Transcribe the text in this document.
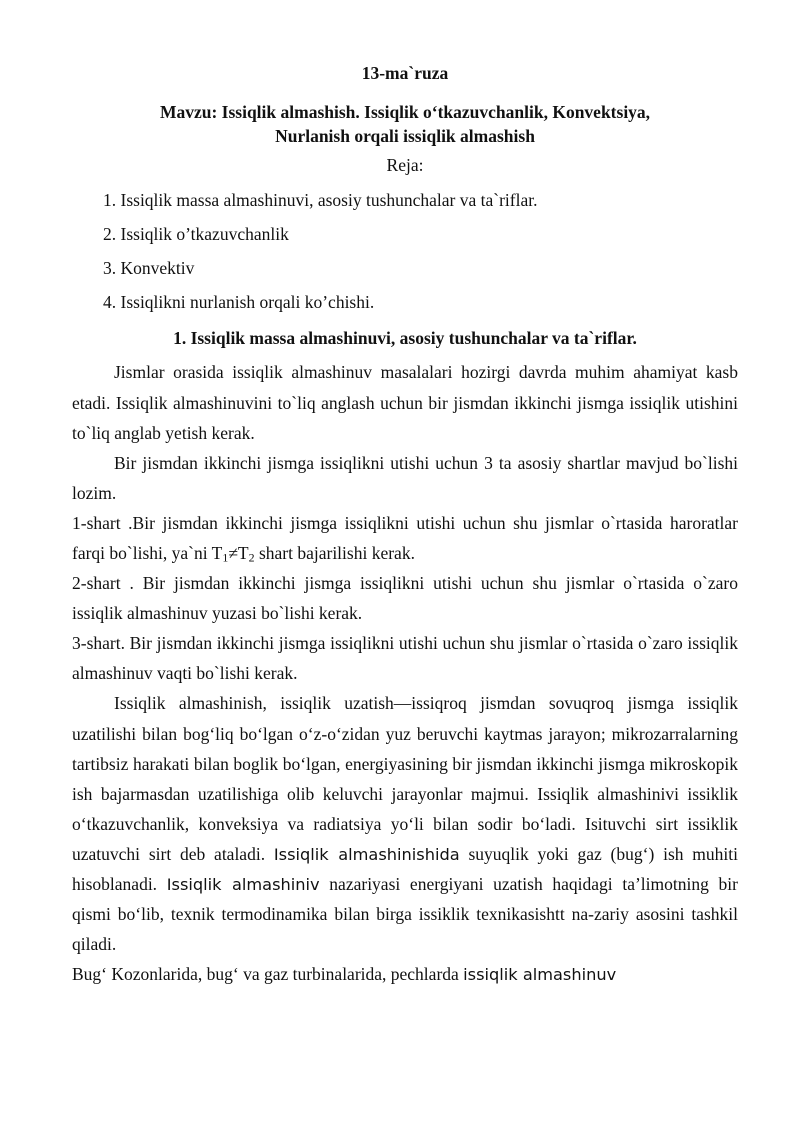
13-ma`ruza
Mavzu: Issiqlik almashish. Issiqlik o‘tkazuvchanlik, Konvektsiya,
Nurlanish orqali issiqlik almashish
Reja:
1. Issiqlik massa almashinuvi, asosiy tushunchalar va ta`riflar.
2. Issiqlik o’tkazuvchanlik
3. Konvektiv
4. Issiqlikni nurlanish orqali ko’chishi.
1. Issiqlik massa almashinuvi, asosiy tushunchalar va ta`riflar.

Jismlar orasida issiqlik almashinuv masalalari hozirgi davrda muhim ahamiyat kasb etadi. Issiqlik almashinuvini to`liq anglash uchun bir jismdan ikkinchi jismga issiqlik utishini to`liq anglab yetish kerak.

Bir jismdan ikkinchi jismga issiqlikni utishi uchun 3 ta asosiy shartlar mavjud bo`lishi lozim.

1-shart .Bir jismdan ikkinchi jismga issiqlikni utishi uchun shu jismlar o`rtasida haroratlar farqi bo`lishi, ya`ni $T_1\ne T_2$ shart bajarilishi kerak.

2-shart . Bir jismdan ikkinchi jismga issiqlikni utishi uchun shu jismlar o`rtasida o`zaro issiqlik almashinuv yuzasi bo`lishi kerak.

3-shart. Bir jismdan ikkinchi jismga issiqlikni utishi uchun shu jismlar o`rtasida o`zaro issiqlik almashinuv vaqti bo`lishi kerak.

Issiqlik almashinish, issiqlik uzatish—issiqroq jismdan sovuqroq jismga issiqlik uzatilishi bilan bog‘liq bo‘lgan o‘z-o‘zidan yuz beruvchi kaytmas jarayon; mikrozarralarning tartibsiz harakati bilan boglik bo‘lgan, energiyasining bir jismdan ikkinchi jismga mikroskopik ish bajarmasdan uzatilishiga olib keluvchi jarayonlar majmui. Issiqlik almashinivi issiklik o‘tkazuvchanlik, konveksiya va radiatsiya yo‘li bilan sodir bo‘ladi. Isituvchi sirt issiklik uzatuvchi sirt deb ataladi. Issiqlik almashinishida suyuqlik yoki gaz (bug‘) ish muhiti hisoblanadi. Issiqlik almashiniv nazariyasi energiyani uzatish haqidagi ta’limotning bir qismi bo‘lib, texnik termodinamika bilan birga issiklik texnikasishtt na-zariy asosini tashkil qiladi.

Bug‘ Kozonlarida, bug‘ va gaz turbinalarida, pechlarda issiqlik almashinuv
